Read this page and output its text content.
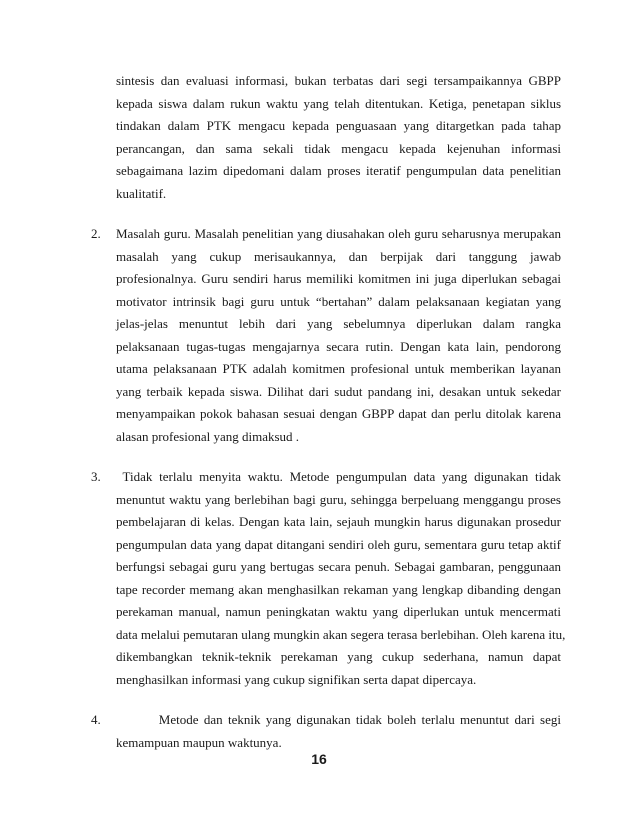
sintesis dan evaluasi informasi, bukan terbatas dari segi tersampaikannya GBPP
kepada siswa dalam rukun waktu yang telah ditentukan. Ketiga, penetapan siklus
tindakan dalam PTK mengacu kepada penguasaan yang ditargetkan pada tahap
perancangan, dan sama sekali tidak mengacu kepada kejenuhan informasi
sebagaimana lazim dipedomani dalam proses iteratif pengumpulan data penelitian
kualitatif.
2. Masalah guru. Masalah penelitian yang diusahakan oleh guru seharusnya merupakan
masalah yang cukup merisaukannya, dan berpijak dari tanggung jawab
profesionalnya. Guru sendiri harus memiliki komitmen ini juga diperlukan sebagai
motivator intrinsik bagi guru untuk “bertahan” dalam pelaksanaan kegiatan yang
jelas-jelas menuntut lebih dari yang sebelumnya diperlukan dalam rangka
pelaksanaan tugas-tugas mengajarnya secara rutin. Dengan kata lain, pendorong
utama pelaksanaan PTK adalah komitmen profesional untuk memberikan layanan
yang terbaik kepada siswa. Dilihat dari sudut pandang ini, desakan untuk sekedar
menyampaikan pokok bahasan sesuai dengan GBPP dapat dan perlu ditolak karena
alasan profesional yang dimaksud .
3. Tidak terlalu menyita waktu. Metode pengumpulan data yang digunakan tidak
menuntut waktu yang berlebihan bagi guru, sehingga berpeluang menggangu proses
pembelajaran di kelas. Dengan kata lain, sejauh mungkin harus digunakan prosedur
pengumpulan data yang dapat ditangani sendiri oleh guru, sementara guru tetap aktif
berfungsi sebagai guru yang bertugas secara penuh. Sebagai gambaran, penggunaan
tape recorder memang akan menghasilkan rekaman yang lengkap dibanding dengan
perekaman manual, namun peningkatan waktu yang diperlukan untuk mencermati
data melalui pemutaran ulang mungkin akan segera terasa berlebihan. Oleh karena itu,
dikembangkan teknik-teknik perekaman yang cukup sederhana, namun dapat
menghasilkan informasi yang cukup signifikan serta dapat dipercaya.
4.
16
Metode dan teknik yang digunakan tidak boleh terlalu menuntut dari segi
kemampuan maupun waktunya.
